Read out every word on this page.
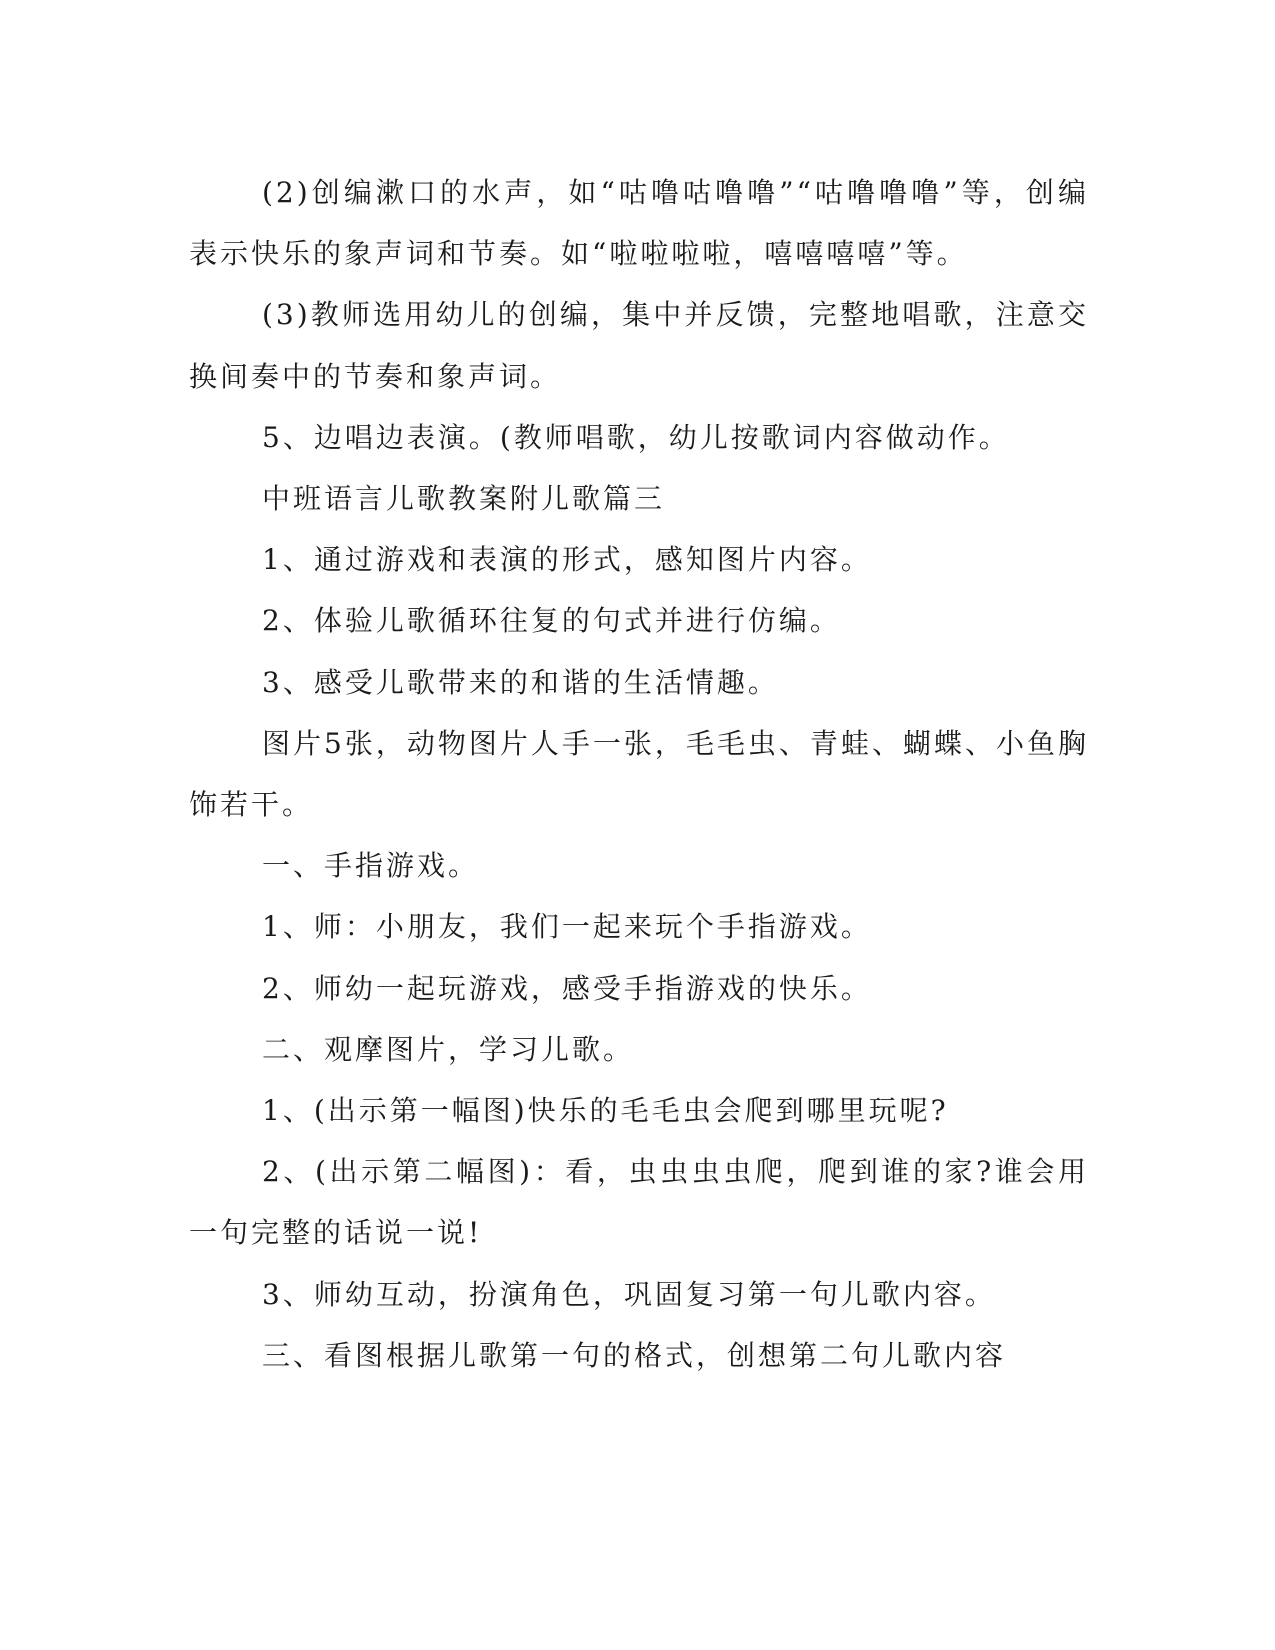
(2)创编漱口的水声，如“咕噜咕噜噜”“咕噜噜噜”等，创编表示快乐的象声词和节奏。如“啦啦啦啦，嘻嘻嘻嘻”等。

(3)教师选用幼儿的创编，集中并反馈，完整地唱歌，注意交换间奏中的节奏和象声词。

5、边唱边表演。(教师唱歌，幼儿按歌词内容做动作。

中班语言儿歌教案附儿歌篇三

1、通过游戏和表演的形式，感知图片内容。

2、体验儿歌循环往复的句式并进行仿编。

3、感受儿歌带来的和谐的生活情趣。

图片5张，动物图片人手一张，毛毛虫、青蛙、蝴蝶、小鱼胸饰若干。

一、手指游戏。

1、师：小朋友，我们一起来玩个手指游戏。

2、师幼一起玩游戏，感受手指游戏的快乐。

二、观摩图片，学习儿歌。

1、(出示第一幅图)快乐的毛毛虫会爬到哪里玩呢?

2、(出示第二幅图)：看，虫虫虫虫爬，爬到谁的家?谁会用一句完整的话说一说!

3、师幼互动，扮演角色，巩固复习第一句儿歌内容。

三、看图根据儿歌第一句的格式，创想第二句儿歌内容
